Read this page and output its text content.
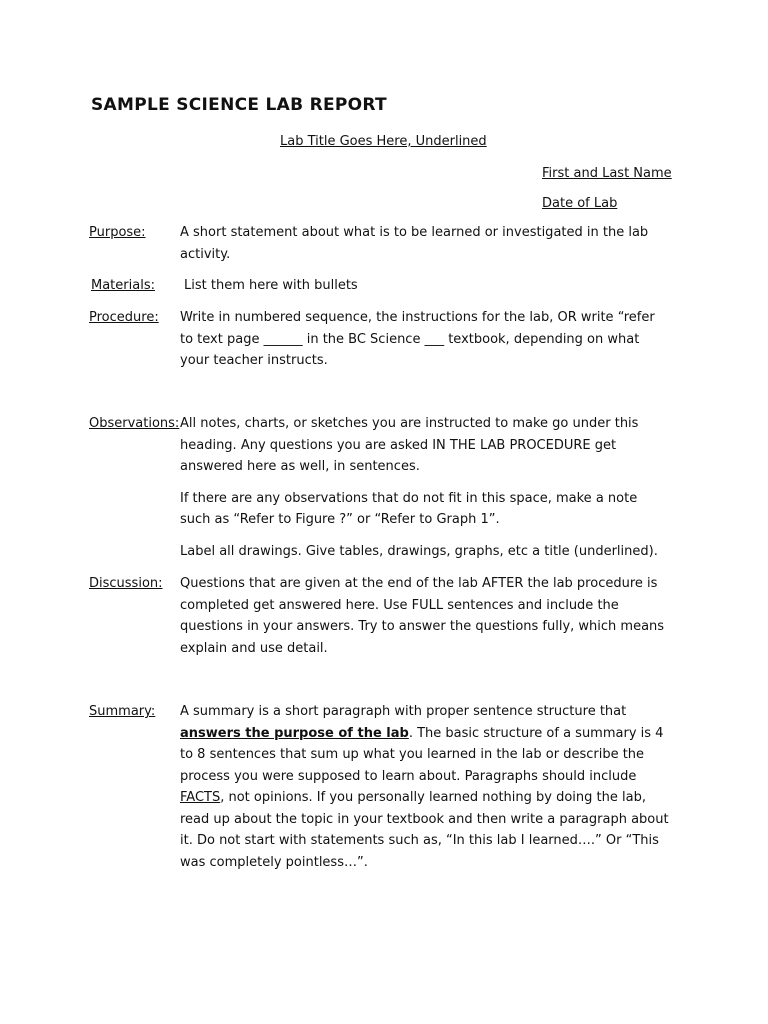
SAMPLE SCIENCE LAB REPORT
Lab Title Goes Here, Underlined
First and Last Name
Date of Lab
Purpose:	A short statement about what is to be learned or investigated in the lab activity.
Materials: List them here with bullets
Procedure: Write in numbered sequence, the instructions for the lab, OR write “refer to text page ______ in the BC Science ___ textbook, depending on what your teacher instructs.
Observations: All notes, charts, or sketches you are instructed to make go under this heading. Any questions you are asked IN THE LAB PROCEDURE get answered here as well, in sentences.

If there are any observations that do not fit in this space, make a note such as “Refer to Figure ?” or “Refer to Graph 1”.

Label all drawings. Give tables, drawings, graphs, etc a title (underlined).

Discussion: Questions that are given at the end of the lab AFTER the lab procedure is completed get answered here. Use FULL sentences and include the questions in your answers. Try to answer the questions fully, which means explain and use detail.
Summary: A summary is a short paragraph with proper sentence structure that
answers the purpose of the lab. The basic structure of a summary is 4 to 8 sentences that sum up what you learned in the lab or describe the process you were supposed to learn about. Paragraphs should include FACTS, not opinions. If you personally learned nothing by doing the lab, read up about the topic in your textbook and then write a paragraph about it. Do not start with statements such as, “In this lab I learned….” Or “This was completely pointless…”.
